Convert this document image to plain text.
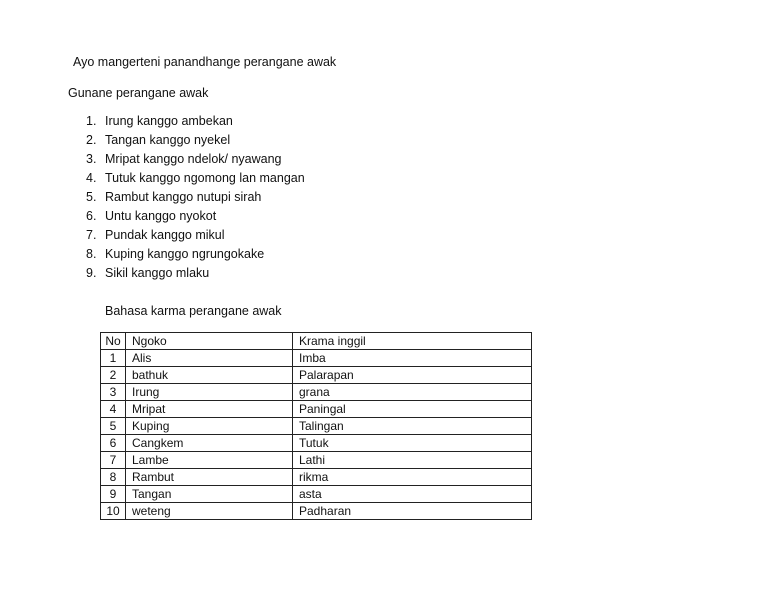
Ayo mangerteni panandhange perangane awak
Gunane perangane awak
1. Irung kanggo ambekan
2. Tangan kanggo nyekel
3. Mripat kanggo ndelok/ nyawang
4. Tutuk kanggo ngomong lan mangan
5. Rambut kanggo nutupi sirah
6. Untu kanggo nyokot
7. Pundak kanggo mikul
8. Kuping kanggo ngrungokake
9. Sikil kanggo mlaku
Bahasa karma perangane awak
No	Ngoko	Krama inggil
1	Alis	Imba
2	bathuk	Palarapan
3	Irung	grana
4	Mripat	Paningal
5	Kuping	Talingan
6	Cangkem	Tutuk
7	Lambe	Lathi
8	Rambut	rikma
9	Tangan	asta
10	weteng	Padharan
